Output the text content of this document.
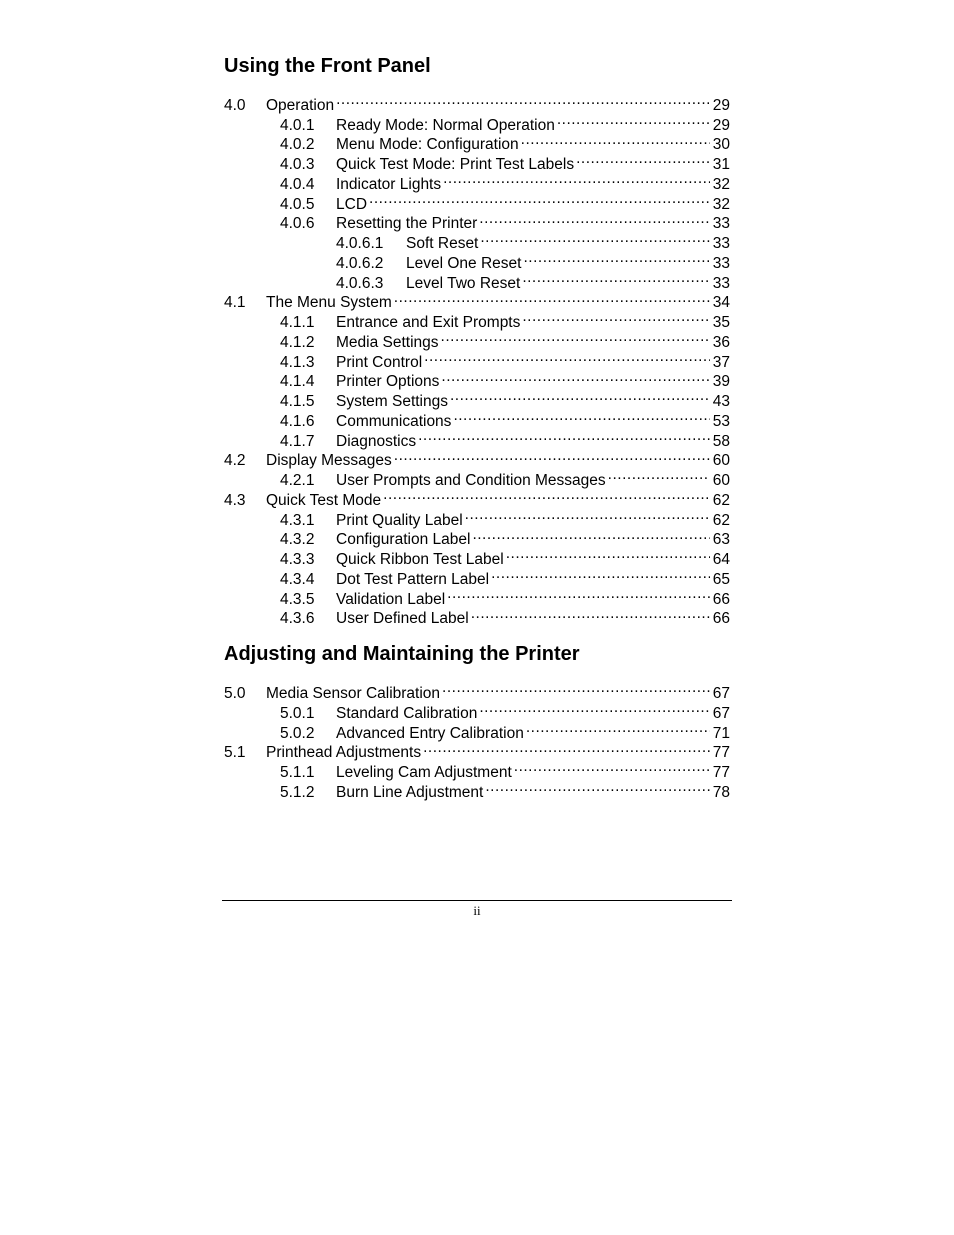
Using the Front Panel
4.0	Operation .....	29
4.0.1	Ready Mode: Normal Operation .....	29
4.0.2	Menu Mode: Configuration .....	30
4.0.3	Quick Test Mode: Print Test Labels .....	31
4.0.4	Indicator Lights .....	32
4.0.5	LCD .....	32
4.0.6	Resetting the Printer .....	33
4.0.6.1	Soft Reset .....	33
4.0.6.2	Level One Reset .....	33
4.0.6.3	Level Two Reset .....	33
4.1	The Menu System .....	34
4.1.1	Entrance and Exit Prompts .....	35
4.1.2	Media Settings .....	36
4.1.3	Print Control .....	37
4.1.4	Printer Options .....	39
4.1.5	System Settings .....	43
4.1.6	Communications .....	53
4.1.7	Diagnostics .....	58
4.2	Display Messages .....	60
4.2.1	User Prompts and Condition Messages .....	60
4.3	Quick Test Mode .....	62
4.3.1	Print Quality Label .....	62
4.3.2	Configuration Label .....	63
4.3.3	Quick Ribbon Test Label .....	64
4.3.4	Dot Test Pattern Label .....	65
4.3.5	Validation Label .....	66
4.3.6	User Defined Label .....	66
Adjusting and Maintaining the Printer
5.0	Media Sensor Calibration .....	67
5.0.1	Standard Calibration .....	67
5.0.2	Advanced Entry Calibration .....	71
5.1	Printhead Adjustments .....	77
5.1.1	Leveling Cam Adjustment .....	77
5.1.2	Burn Line Adjustment .....	78
ii
